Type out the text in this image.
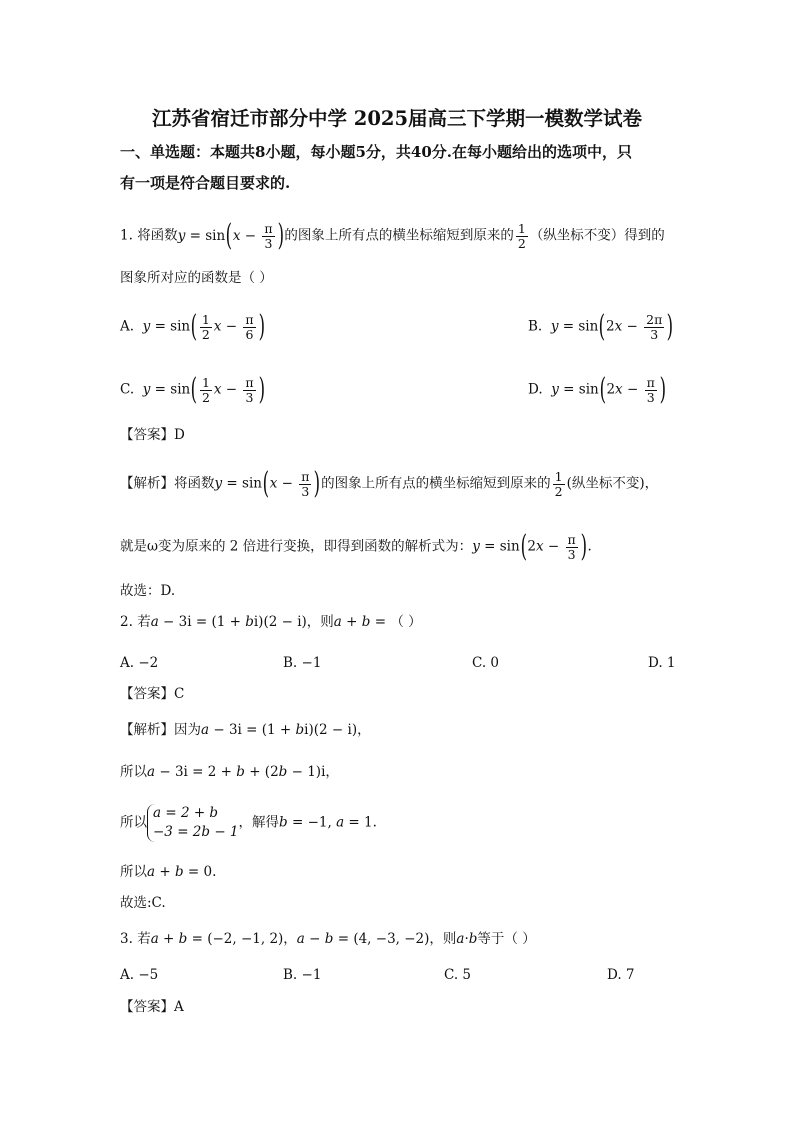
江苏省宿迁市部分中学 2025届高三下学期一模数学试卷
一、单选题：本题共8小题，每小题5分，共40分.在每小题给出的选项中，只
有一项是符合题目要求的.
1. 将函数$y = \sin(x - \frac{\pi}{3}$ )的图象上所有点的横坐标缩短到原来的 $\frac{1}{2}$ （纵坐标不变）得到的
图象所对应的函数是（ ）
A. $y = \sin( \frac{1}{2}$ $x - \frac{\pi}{6}$ )	B. $y = \sin(2x - \frac{2\pi}{3}$ )
C. $y = \sin( \frac{1}{2}$ $x - \frac{\pi}{3}$ )	D. $y = \sin(2x - \frac{\pi}{3}$ )
【答案】D
【解析】将函数$y = \sin(x - \frac{\pi}{3}$ )的图象上所有点的横坐标缩短到原来的 $\frac{1}{2}$ (纵坐标不变)，
就是ω变为原来的 2 倍进行变换，即得到函数的解析式为：$y = \sin(2x - \frac{\pi}{3}$ ).
故选：D.
2. 若a − 3i = (1 + bi)(2 − i)，则a + b = （ ）
A. −2	B. −1	C. 0	D. 1
【答案】C
【解析】因为a − 3i = (1 + bi)(2 − i)，
所以a − 3i = 2 + b + (2b − 1)i，
所以a = 2 + b
−3 = 2b − 1，解得b = −1, a = 1.
所以a + b = 0.
故选:C.
3. 若a + b = (−2, −1, 2)，a − b = (4, −3, −2)，则a·b等于（ ）
A. −5	B. −1	C. 5	D. 7
【答案】A
